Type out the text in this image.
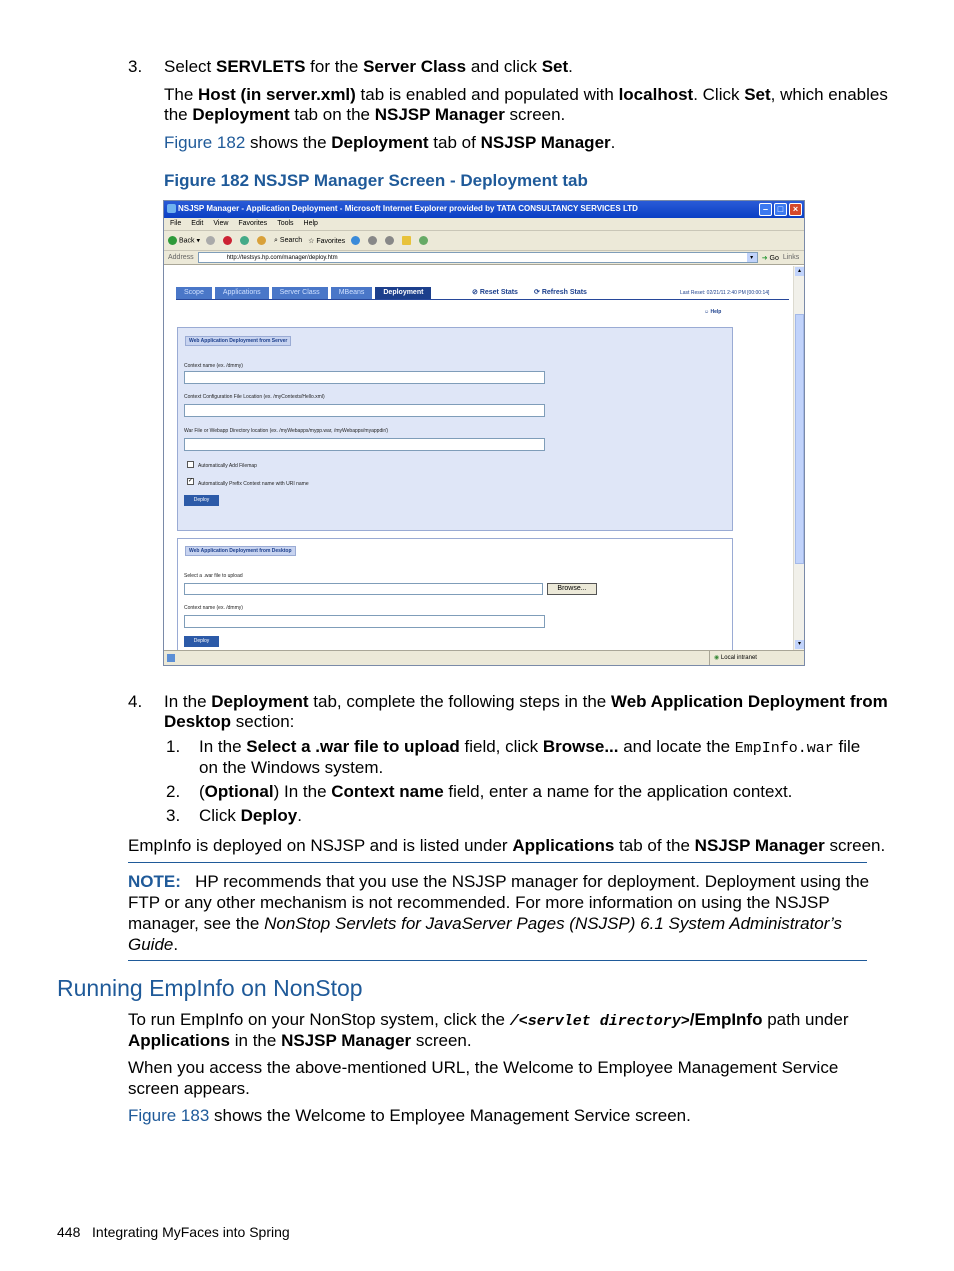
3. Select SERVLETS for the Server Class and click Set.
The Host (in server.xml) tab is enabled and populated with localhost. Click Set, which enables
the Deployment tab on the NSJSP Manager screen.
Figure 182 shows the Deployment tab of NSJSP Manager.
Figure 182 NSJSP Manager Screen - Deployment tab
NSJSP Manager - Application Deployment - Microsoft Internet Explorer provided by TATA CONSULTANCY SERVICES LTD	–	□	×
File Edit View Favorites Tools Help
Back ▾	⌕ Search ☆ Favorites
Address	http://testsys.hp.com/manager/deploy.htm	▾	➜ Go Links
Scope	Applications	Server Class	MBeans	Deployment	⊘ Reset Stats ⟳ Refresh Stats	Last Reset: 02/21/11 2:40 PM [00:00:14]
☺ Help
Web Application Deployment from Server
Context name (ex. /dmmy)
Context Configuration File Location (ex. /myContexts/Hello.xml)
War File or Webapp Directory location (ex. /myWebapps/mypp.war, /myWebapps/myappdir/)
Automatically Add Filemap
✓ Automatically Prefix Context name with URI name
Deploy
Web Application Deployment from Desktop
Select a .war file to upload
Browse...
Context name (ex. /dmmy)
Deploy
▴
▾
◉ Local intranet
4. In the Deployment tab, complete the following steps in the Web Application Deployment from
Desktop section:
1. In the Select a .war file to upload field, click Browse... and locate the EmpInfo.war file
on the Windows system.
2. (Optional) In the Context name field, enter a name for the application context.
3. Click Deploy.
EmpInfo is deployed on NSJSP and is listed under Applications tab of the NSJSP Manager screen.
NOTE: HP recommends that you use the NSJSP manager for deployment. Deployment using the
FTP or any other mechanism is not recommended. For more information on using the NSJSP
manager, see the NonStop Servlets for JavaServer Pages (NSJSP) 6.1 System Administrator’s
Guide.
Running EmpInfo on NonStop
To run EmpInfo on your NonStop system, click the /<servlet directory>/EmpInfo path under
Applications in the NSJSP Manager screen.
When you access the above-mentioned URL, the Welcome to Employee Management Service
screen appears.
Figure 183 shows the Welcome to Employee Management Service screen.
448 Integrating MyFaces into Spring
